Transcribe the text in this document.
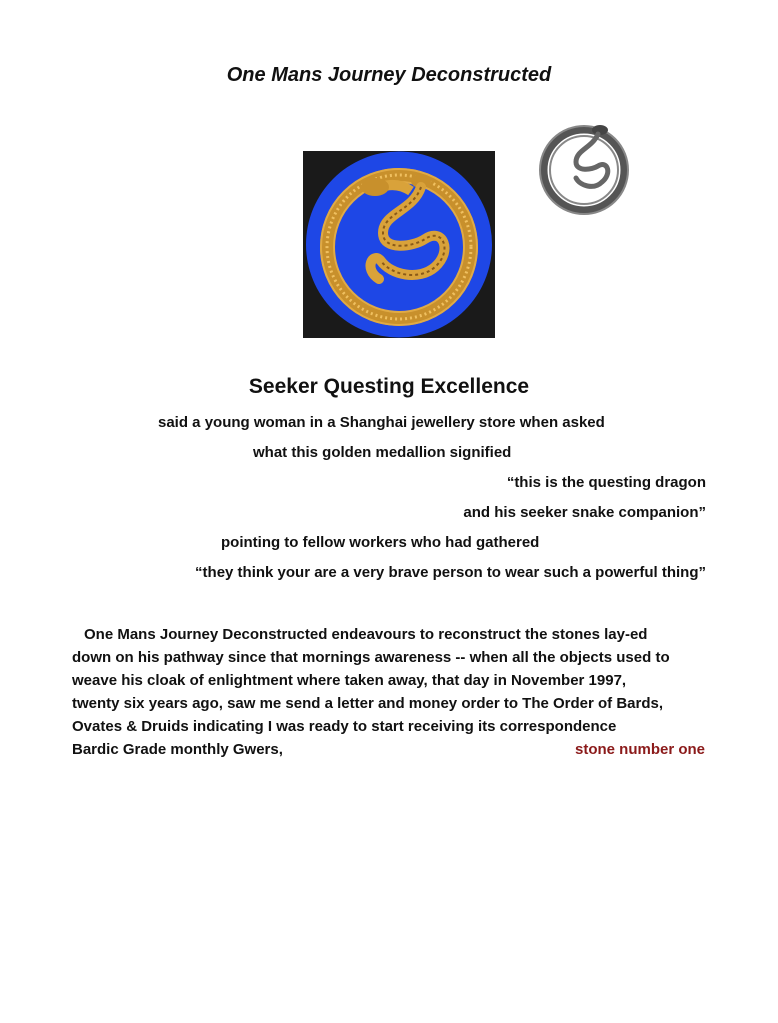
One Mans Journey Deconstructed
Seeker Questing Excellence
said a young woman in a Shanghai jewellery store when asked
what this golden medallion signified
“this is the questing dragon
and his seeker snake companion”
pointing to fellow workers who had gathered
“they think your are a very brave person to wear such a powerful thing”
One Mans Journey Deconstructed endeavours to reconstruct the stones lay-ed
down on his pathway since that mornings awareness -- when all the objects used to
weave his cloak of enlightment where taken away, that day in November 1997,
twenty six years ago, saw me send a letter and money order to The Order of Bards,
Ovates & Druids indicating I was ready to start receiving its correspondence
Bardic Grade monthly Gwers,	stone number one
